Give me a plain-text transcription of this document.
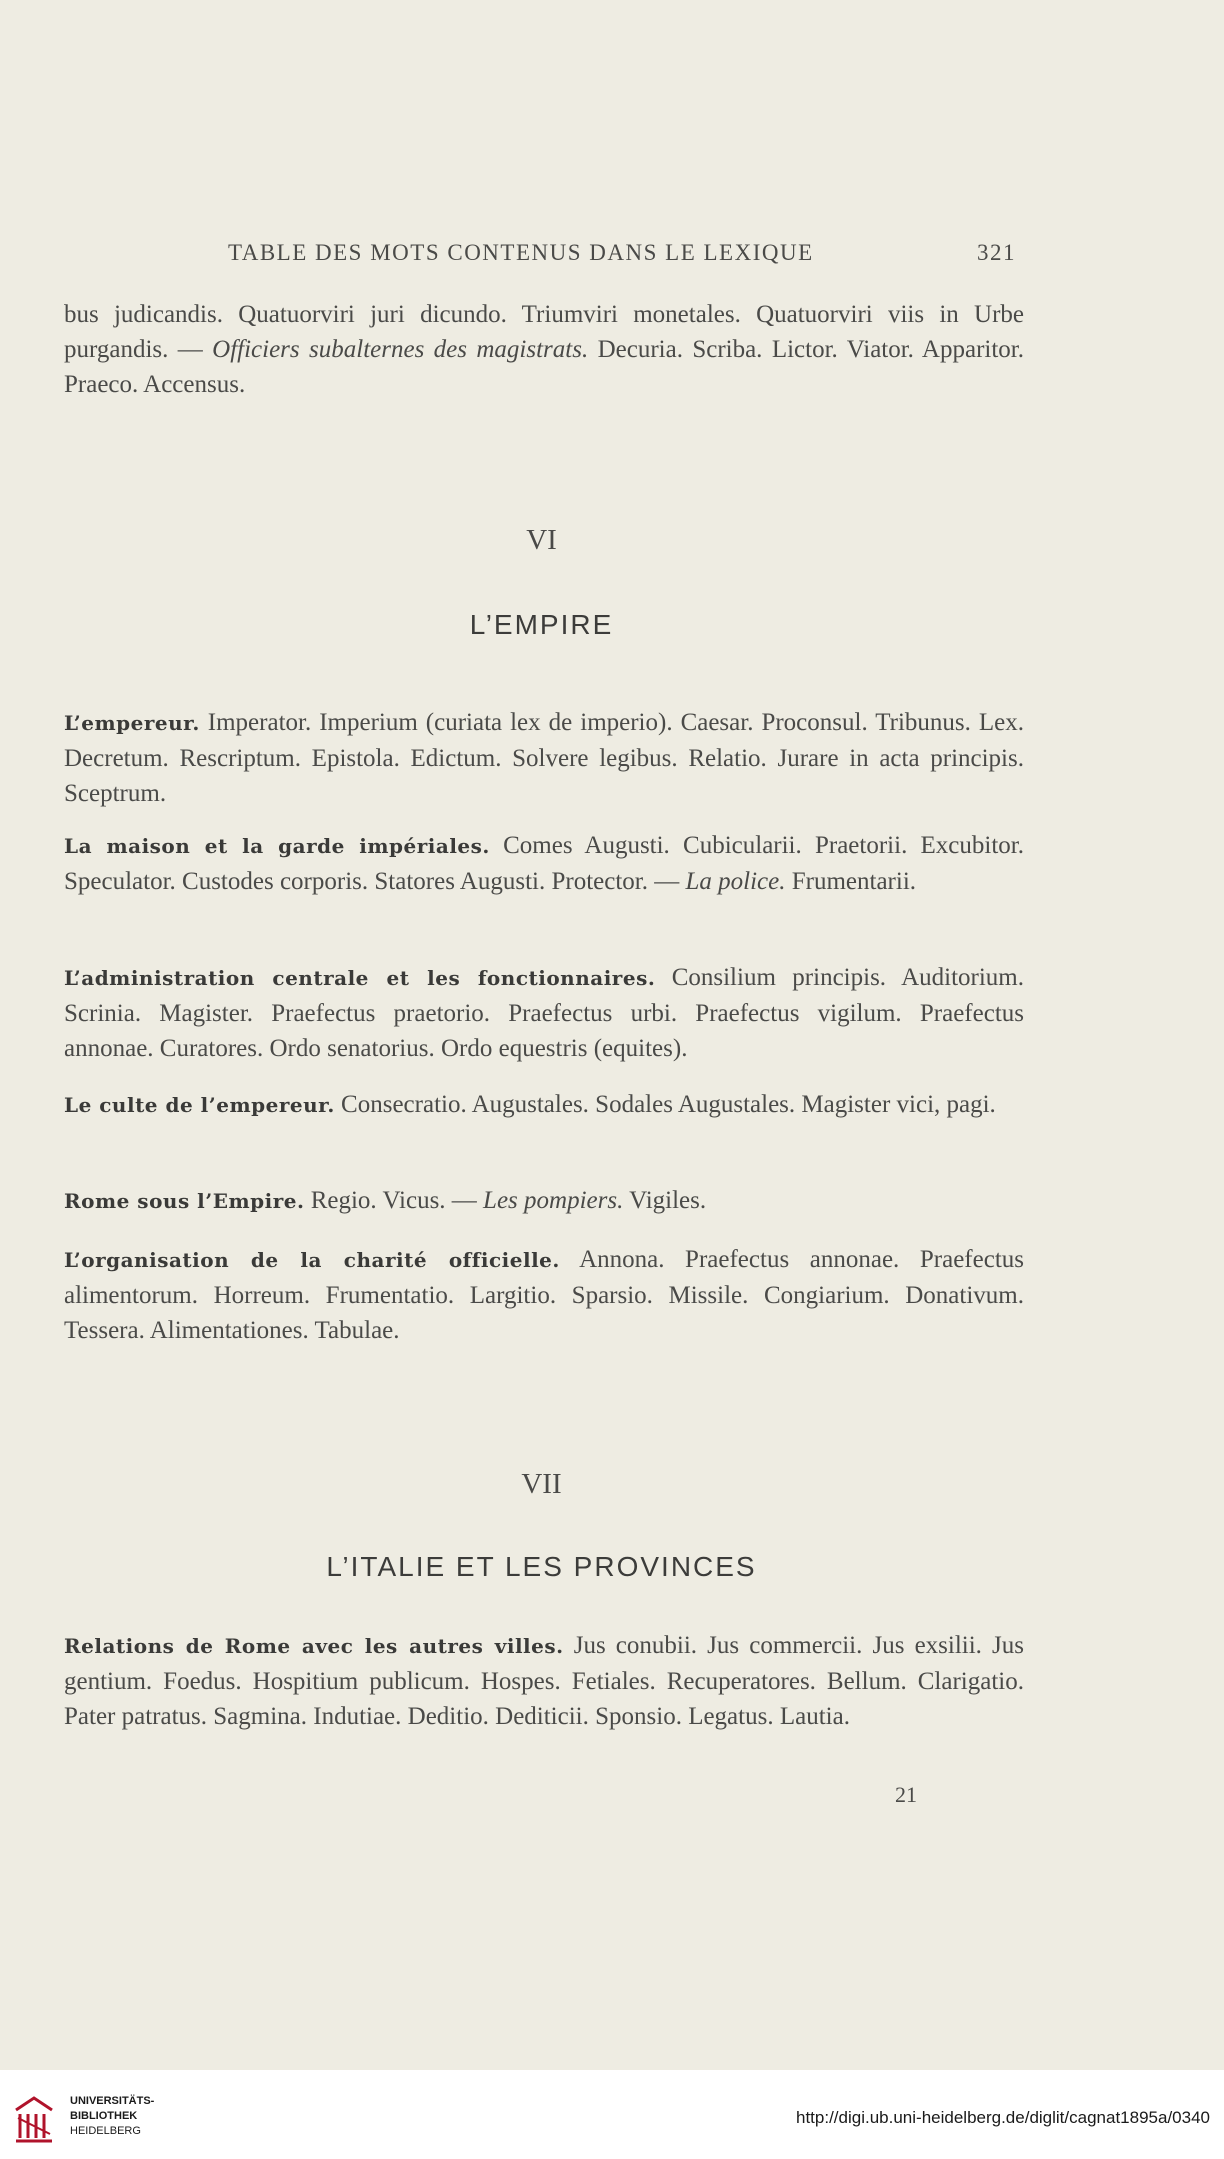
TABLE DES MOTS CONTENUS DANS LE LEXIQUE	321

bus judicandis. Quatuorviri juri dicundo. Triumviri monetales. Quatuorviri viis in Urbe purgandis. — Officiers subalternes des magistrats. Decuria. Scriba. Lictor. Viator. Apparitor. Praeco. Accensus.

VI
L’EMPIRE

L’empereur. Imperator. Imperium (curiata lex de imperio). Caesar. Proconsul. Tribunus. Lex. Decretum. Rescriptum. Epistola. Edictum. Solvere legibus. Relatio. Jurare in acta principis. Sceptrum.

La maison et la garde impériales. Comes Augusti. Cubicularii. Praetorii. Excubitor. Speculator. Custodes corporis. Statores Augusti. Protector. — La police. Frumentarii.

L’administration centrale et les fonctionnaires. Consilium principis. Auditorium. Scrinia. Magister. Praefectus praetorio. Praefectus urbi. Praefectus vigilum. Praefectus annonae. Curatores. Ordo senatorius. Ordo equestris (equites).

Le culte de l’empereur. Consecratio. Augustales. Sodales Augustales. Magister vici, pagi.

Rome sous l’Empire. Regio. Vicus. — Les pompiers. Vigiles.

L’organisation de la charité officielle. Annona. Praefectus annonae. Praefectus alimentorum. Horreum. Frumentatio. Largitio. Sparsio. Missile. Congiarium. Donativum. Tessera. Alimentationes. Tabulae.

VII
L’ITALIE ET LES PROVINCES

Relations de Rome avec les autres villes. Jus conubii. Jus commercii. Jus exsilii. Jus gentium. Foedus. Hospitium publicum. Hospes. Fetiales. Recuperatores. Bellum. Clarigatio. Pater patratus. Sagmina. Indutiae. Deditio. Dediticii. Sponsio. Legatus. Lautia.

21
UNIVERSITÄTS-
BIBLIOTHEK
HEIDELBERG
http://digi.ub.uni-heidelberg.de/diglit/cagnat1895a/0340
